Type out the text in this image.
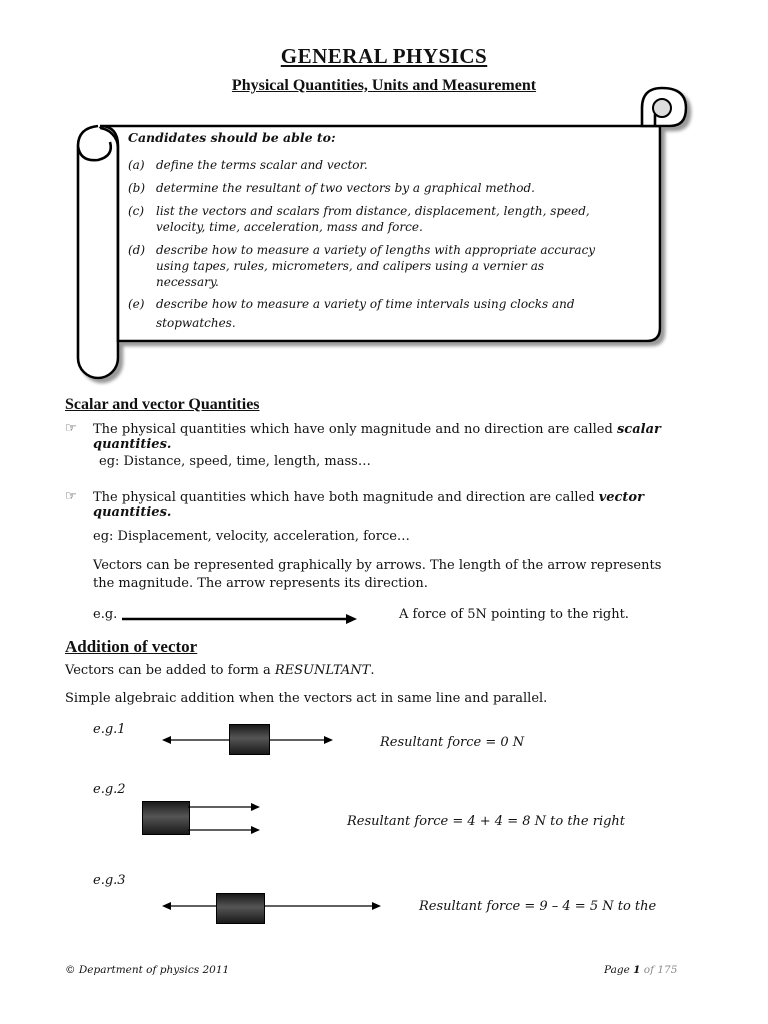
GENERAL PHYSICS
Physical Quantities, Units and Measurement
Candidates should be able to:
(a) define the terms scalar and vector.
(b) determine the resultant of two vectors by a graphical method.
(c) list the vectors and scalars from distance, displacement, length, speed,
velocity, time, acceleration, mass and force.
(d) describe how to measure a variety of lengths with appropriate accuracy
using tapes, rules, micrometers, and calipers using a vernier as
necessary.
(e) describe how to measure a variety of time intervals using clocks and
stopwatches.
Scalar and vector Quantities
☞ The physical quantities which have only magnitude and no direction are called scalar
quantities.
eg: Distance, speed, time, length, mass…
☞ The physical quantities which have both magnitude and direction are called vector
quantities.
eg: Displacement, velocity, acceleration, force…
Vectors can be represented graphically by arrows. The length of the arrow represents
the magnitude. The arrow represents its direction.
e.g.	A force of 5N pointing to the right.
Addition of vector
Vectors can be added to form a RESUNLTANT.
Simple algebraic addition when the vectors act in same line and parallel.
e.g.1
Resultant force = 0 N
e.g.2
Resultant force = 4 + 4 = 8 N to the right
e.g.3
Resultant force = 9 – 4 = 5 N to the
© Department of physics 2011	Page 1 of 175
